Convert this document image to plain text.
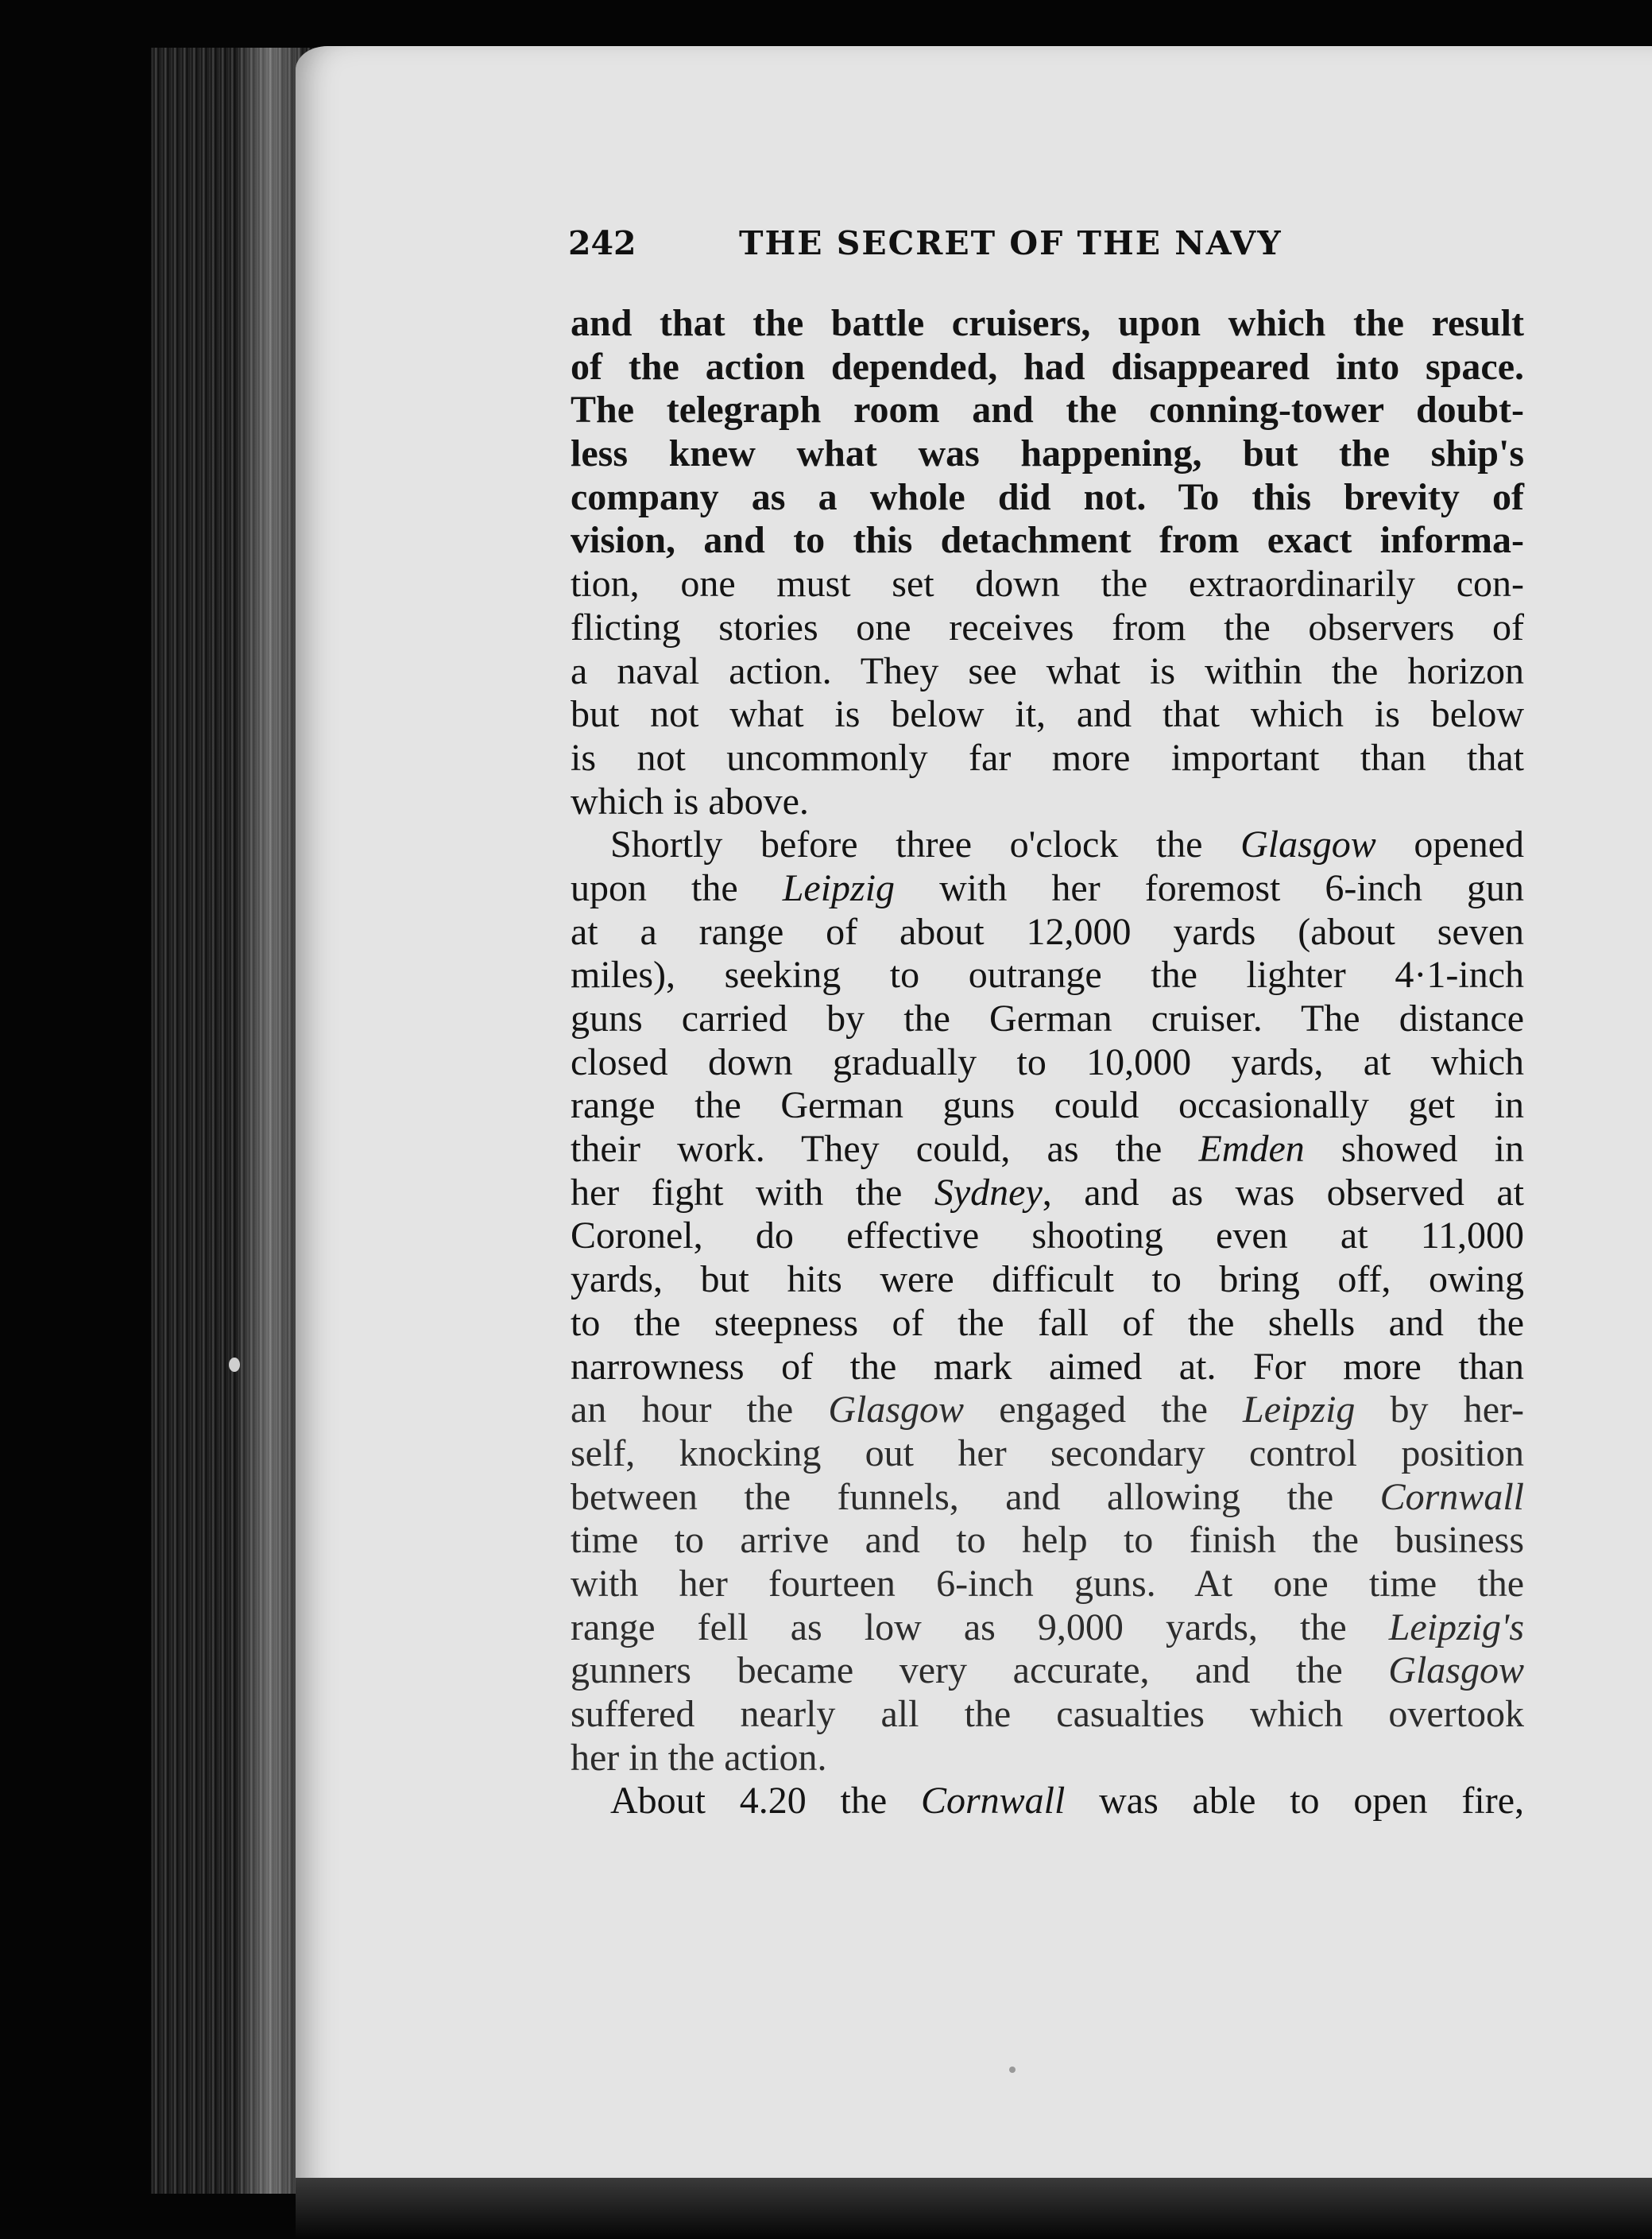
242	THE SECRET OF THE NAVY
and that the battle cruisers, upon which the result
of the action depended, had disappeared into space.
The telegraph room and the conning-tower doubt-
less knew what was happening, but the ship's
company as a whole did not. To this brevity of
vision, and to this detachment from exact informa-
tion, one must set down the extraordinarily con-
flicting stories one receives from the observers of
a naval action. They see what is within the horizon
but not what is below it, and that which is below
is not uncommonly far more important than that
which is above.
Shortly before three o'clock the Glasgow opened
upon the Leipzig with her foremost 6-inch gun
at a range of about 12,000 yards (about seven
miles), seeking to outrange the lighter 4·1-inch
guns carried by the German cruiser. The distance
closed down gradually to 10,000 yards, at which
range the German guns could occasionally get in
their work. They could, as the Emden showed in
her fight with the Sydney, and as was observed at
Coronel, do effective shooting even at 11,000
yards, but hits were difficult to bring off, owing
to the steepness of the fall of the shells and the
narrowness of the mark aimed at. For more than
an hour the Glasgow engaged the Leipzig by her-
self, knocking out her secondary control position
between the funnels, and allowing the Cornwall
time to arrive and to help to finish the business
with her fourteen 6-inch guns. At one time the
range fell as low as 9,000 yards, the Leipzig's
gunners became very accurate, and the Glasgow
suffered nearly all the casualties which overtook
her in the action.
About 4.20 the Cornwall was able to open fire,
